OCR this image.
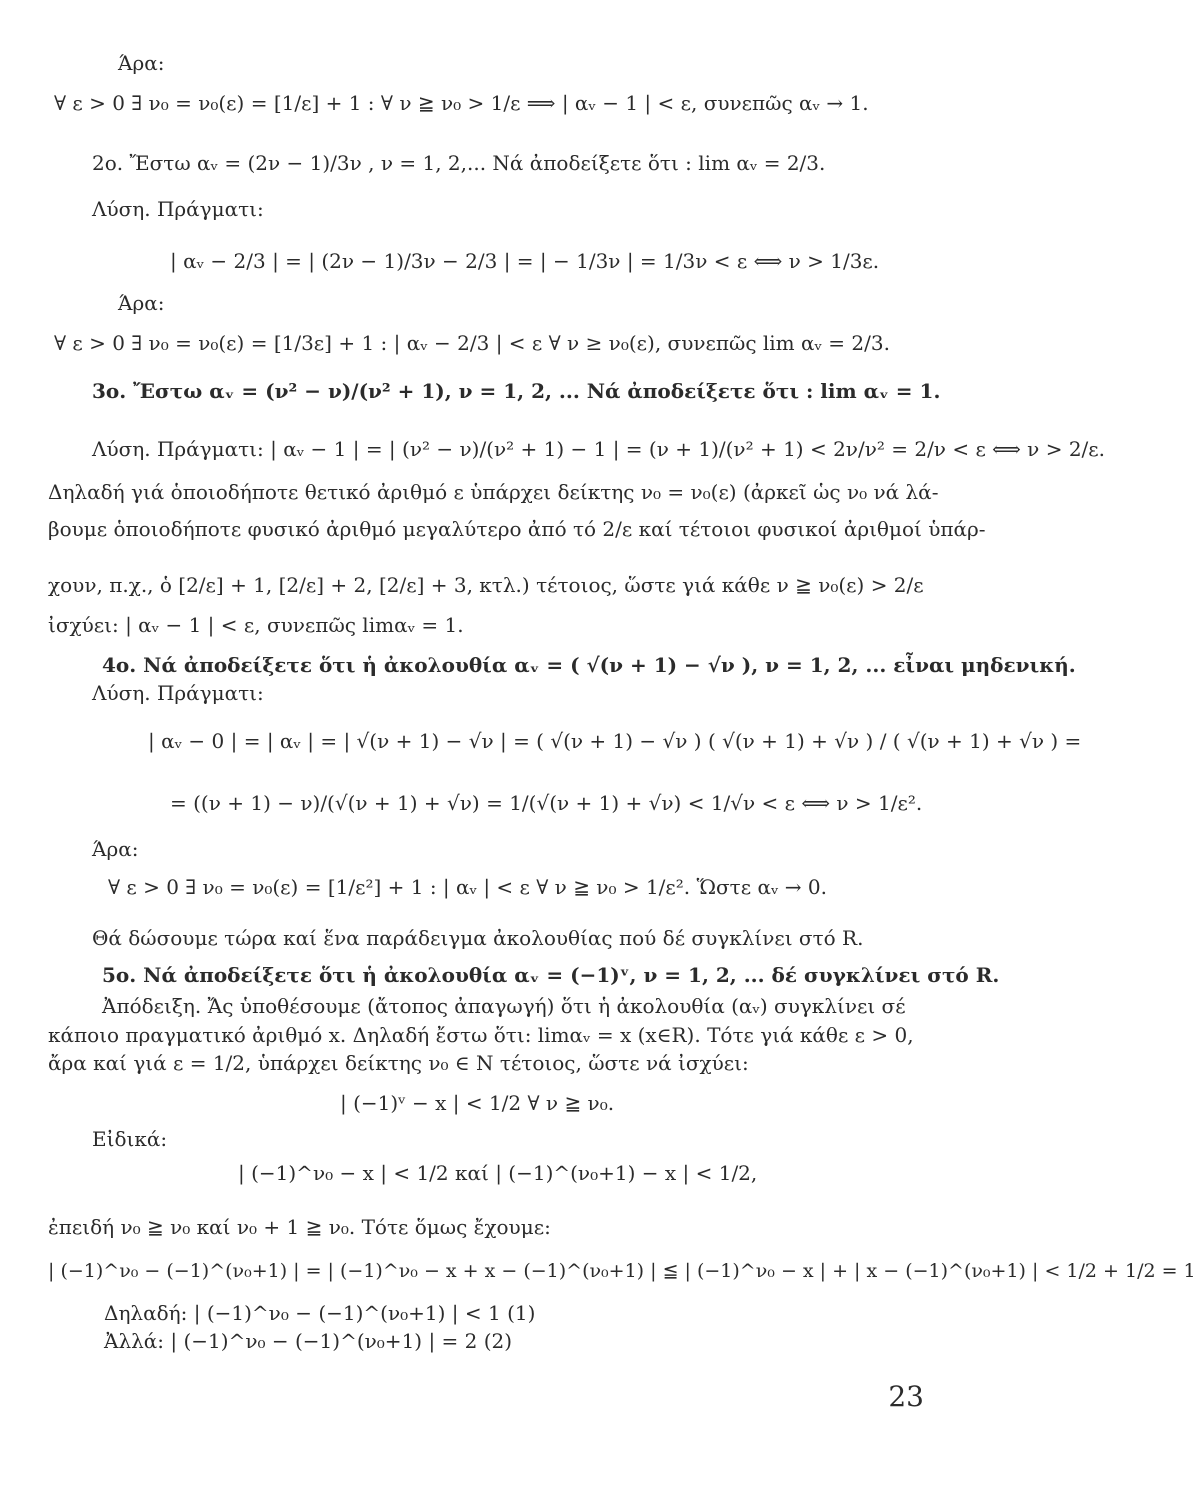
Άρα:
∀ ε > 0 ∃ ν₀ = ν₀(ε) = [1/ε] + 1 : ∀ ν ≧ ν₀ > 1/ε ⟹ | αᵥ − 1 | < ε, συνεπῶς αᵥ → 1.
2ο. Ἔστω αᵥ = (2ν − 1)/3ν , ν = 1, 2,... Νά ἀποδείξετε ὅτι : lim αᵥ = 2/3.
Λύση. Πράγματι:
| αᵥ − 2/3 | = | (2ν − 1)/3ν − 2/3 | = | − 1/3ν | = 1/3ν < ε ⟺ ν > 1/3ε.
Άρα:
∀ ε > 0 ∃ ν₀ = ν₀(ε) = [1/3ε] + 1 : | αᵥ − 2/3 | < ε ∀ ν ≥ ν₀(ε), συνεπῶς lim αᵥ = 2/3.
3ο. Ἔστω αᵥ = (ν² − ν)/(ν² + 1), ν = 1, 2, ... Νά ἀποδείξετε ὅτι : lim αᵥ = 1.
Λύση. Πράγματι: | αᵥ − 1 | = | (ν² − ν)/(ν² + 1) − 1 | = (ν + 1)/(ν² + 1) < 2ν/ν² = 2/ν < ε ⟺ ν > 2/ε.
Δηλαδή γιά ὁποιοδήποτε θετικό ἀριθμό ε ὑπάρχει δείκτης ν₀ = ν₀(ε) (ἀρκεῖ ὡς ν₀ νά λά-
βουμε ὁποιοδήποτε φυσικό ἀριθμό μεγαλύτερο ἀπό τό 2/ε καί τέτοιοι φυσικοί ἀριθμοί ὑπάρ-
χουν, π.χ., ὁ [2/ε] + 1, [2/ε] + 2, [2/ε] + 3, κτλ.) τέτοιος, ὥστε γιά κάθε ν ≧ ν₀(ε) > 2/ε
ἰσχύει: | αᵥ − 1 | < ε, συνεπῶς limαᵥ = 1.
4ο. Νά ἀποδείξετε ὅτι ἡ ἀκολουθία αᵥ = ( √(ν + 1) − √ν ), ν = 1, 2, ... εἶναι μηδενική.
Λύση. Πράγματι:
| αᵥ − 0 | = | αᵥ | = | √(ν + 1) − √ν | = ( √(ν + 1) − √ν ) ( √(ν + 1) + √ν ) / ( √(ν + 1) + √ν ) =
= ((ν + 1) − ν)/(√(ν + 1) + √ν) = 1/(√(ν + 1) + √ν) < 1/√ν < ε ⟺ ν > 1/ε².
Άρα:
∀ ε > 0 ∃ ν₀ = ν₀(ε) = [1/ε²] + 1 : | αᵥ | < ε ∀ ν ≧ ν₀ > 1/ε². Ὥστε αᵥ → 0.
Θά δώσουμε τώρα καί ἕνα παράδειγμα ἀκολουθίας πού δέ συγκλίνει στό R.
5ο. Νά ἀποδείξετε ὅτι ἡ ἀκολουθία αᵥ = (−1)ᵛ, ν = 1, 2, ... δέ συγκλίνει στό R.
Ἀπόδειξη. Ἄς ὑποθέσουμε (ἄτοπος ἀπαγωγή) ὅτι ἡ ἀκολουθία (αᵥ) συγκλίνει σέ
κάποιο πραγματικό ἀριθμό x. Δηλαδή ἔστω ὅτι: limαᵥ = x (x∈R). Τότε γιά κάθε ε > 0,
ἄρα καί γιά ε = 1/2, ὑπάρχει δείκτης ν₀ ∈ N τέτοιος, ὥστε νά ἰσχύει:
| (−1)ᵛ − x | < 1/2 ∀ ν ≧ ν₀.
Εἰδικά:
| (−1)^ν₀ − x | < 1/2 καί | (−1)^(ν₀+1) − x | < 1/2,
ἐπειδή ν₀ ≧ ν₀ καί ν₀ + 1 ≧ ν₀. Τότε ὅμως ἔχουμε:
| (−1)^ν₀ − (−1)^(ν₀+1) | = | (−1)^ν₀ − x + x − (−1)^(ν₀+1) | ≦ | (−1)^ν₀ − x | + | x − (−1)^(ν₀+1) | < 1/2 + 1/2 = 1
Δηλαδή: | (−1)^ν₀ − (−1)^(ν₀+1) | < 1 (1)
Ἀλλά: | (−1)^ν₀ − (−1)^(ν₀+1) | = 2 (2)
23
